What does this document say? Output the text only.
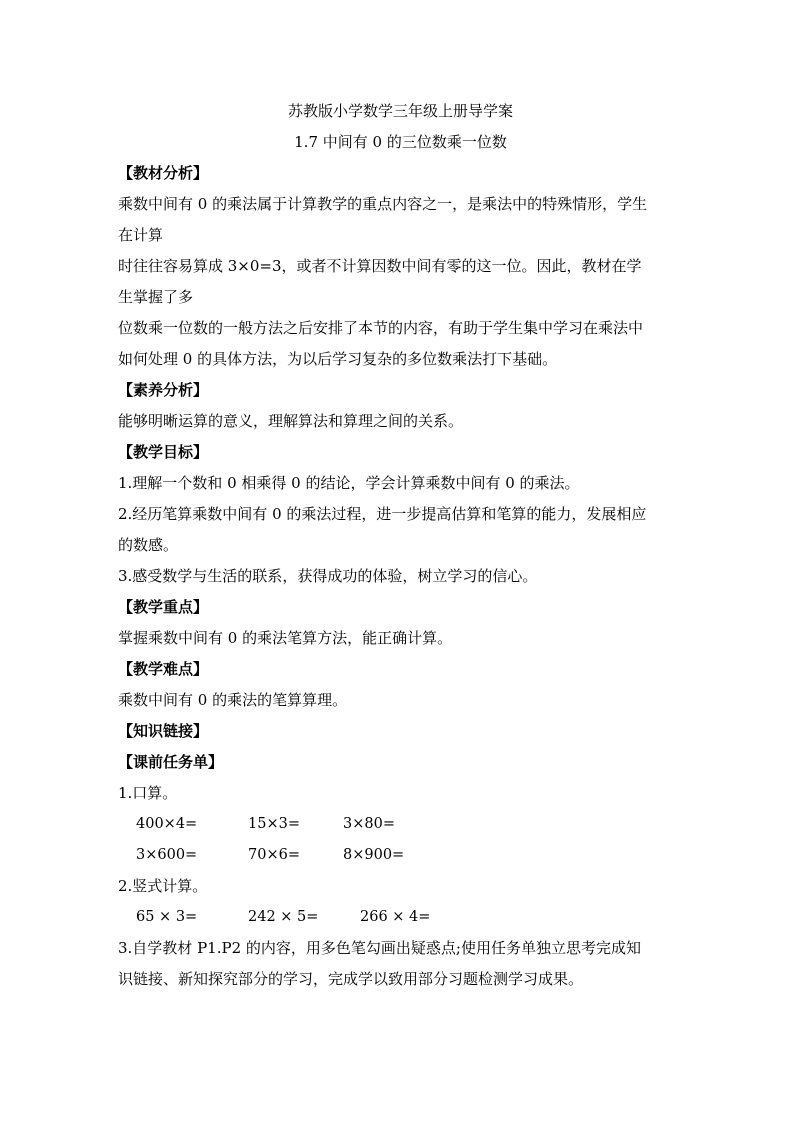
苏教版小学数学三年级上册导学案
1.7 中间有 0 的三位数乘一位数
【教材分析】
乘数中间有 0 的乘法属于计算教学的重点内容之一，是乘法中的特殊情形，学生
在计算
时往往容易算成 3×0=3，或者不计算因数中间有零的这一位。因此，教材在学
生掌握了多
位数乘一位数的一般方法之后安排了本节的内容，有助于学生集中学习在乘法中
如何处理 0 的具体方法，为以后学习复杂的多位数乘法打下基础。
【素养分析】
能够明晰运算的意义，理解算法和算理之间的关系。
【教学目标】
1.理解一个数和 0 相乘得 0 的结论，学会计算乘数中间有 0 的乘法。
2.经历笔算乘数中间有 0 的乘法过程，进一步提高估算和笔算的能力，发展相应
的数感。
3.感受数学与生活的联系，获得成功的体验，树立学习的信心。
【教学重点】
掌握乘数中间有 0 的乘法笔算方法，能正确计算。
【教学难点】
乘数中间有 0 的乘法的笔算算理。
【知识链接】
【课前任务单】
1.口算。
400×4=	15×3=	3×80=
3×600=	70×6=	8×900=
2.竖式计算。
65 × 3=	242 × 5=	266 × 4=
3.自学教材 P1.P2 的内容，用多色笔勾画出疑惑点;使用任务单独立思考完成知
识链接、新知探究部分的学习，完成学以致用部分习题检测学习成果。
